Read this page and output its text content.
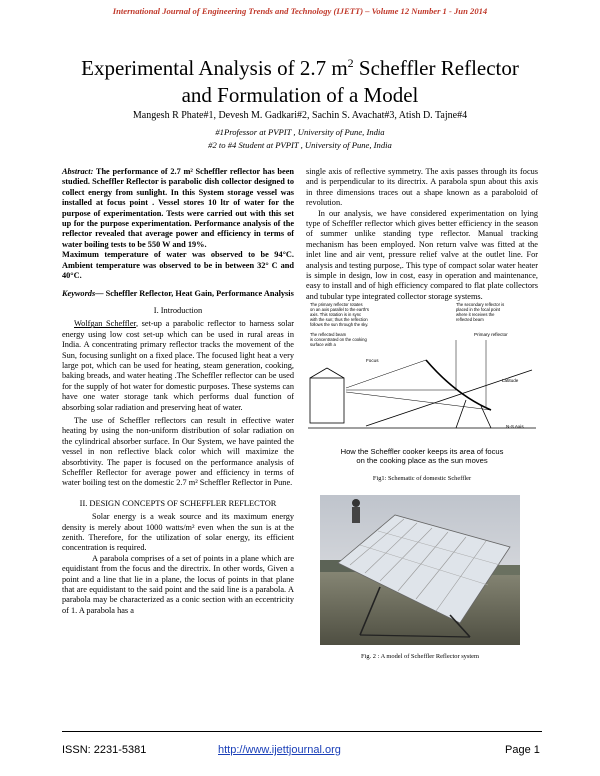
International Journal of Engineering Trends and Technology (IJETT) – Volume 12 Number 1 - Jun 2014
Experimental Analysis of 2.7 $m^2$ Scheffler Reflector
and Formulation of a Model
Mangesh R Phate#1, Devesh M. Gadkari#2, Sachin S. Avachat#3, Atish D. Tajne#4
#1Professor at PVPIT , University of Pune, India
#2 to #4 Student at PVPIT , University of Pune, India

Abstract: The performance of 2.7 m² Scheffler reflector has been studied. Scheffler Reflector is parabolic dish collector designed to collect energy from sunlight. In this System storage vessel was installed at focus point . Vessel stores 10 ltr of water for the purpose of experimentation. Tests were carried out with this set up for the purpose experimentation. Performance analysis of the reflector revealed that average power and efficiency in terms of water boiling tests to be 550 W and 19%.

Maximum temperature of water was observed to be 94°C. Ambient temperature was observed to be in between 32° C and 40°C.

Keywords— Scheffler Reflector, Heat Gain, Performance Analysis

I. Introduction

Wolfgan Scheffler, set-up a parabolic reflector to harness solar energy using low cost set-up which can be used in rural areas in India. A concentrating primary reflector tracks the movement of the Sun, focusing sunlight on a fixed place. The focused light heat a very large pot, which can be used for heating, steam generation, cooking, baking breads, and water heating .The Scheffler reflector can be used for the supply of hot water for domestic purposes. These systems can have one water storage tank which performs dual function of absorbing solar radiation and preserving heat of water.

The use of Scheffler reflectors can result in effective water heating by using the non-uniform distribution of solar radiation on the cylindrical absorber surface. In Our System, we have painted the vessel in non reflective black color which will maximize the absorbtivity. The paper is focused on the performance analysis of Scheffler Reflector for average power and efficiency in terms of water boiling test on the domestic 2.7 m² Scheffler Reflector in Pune.

II. DESIGN CONCEPTS OF SCHEFFLER REFLECTOR

Solar energy is a weak source and its maximum energy density is merely about 1000 watts/m² even when the sun is at the zenith. Therefore, for the utilization of solar energy, its efficient concentration is required.

A parabola comprises of a set of points in a plane which are equidistant from the focus and the directrix. In other words, Given a point and a line that lie in a plane, the locus of points in that plane that are equidistant to the said point and the said line is a parabola. A parabola may be characterized as a conic section with an eccentricity of 1. A parabola has a

single axis of reflective symmetry. The axis passes through its focus and is perpendicular to its directrix. A parabola spun about this axis in three dimensions traces out a shape known as a paraboloid of revolution.

In our analysis, we have considered experimentation on lying type of Scheffler reflector which gives better efficiency in the season of summer unlike standing type reflector. Manual tracking mechanism has been employed. Non return valve was fitted at the inlet line and air vent, pressure relief valve at the outlet line. For analysis and testing purpose,. This type of compact solar water heater is simple in design, low in cost, easy in operation and maintenance, easy to install and of high efficiency compared to flat plate collectors and tubular type integrated collector storage systems.

The primary reflector rotates on an axis parallel to the earth's axis. This rotation is in sync with the sun; thus the reflection follows the sun through the sky.
The reflected beam is concentrated on the cooking surface with a
The secondary reflector is placed in the focal point where it receives the reflected beam
Primary reflector
Focus
Latitude
N-S Axis
How the Scheffler cooker keeps its area of focus
on the cooking place as the sun moves
Fig1: Schematic of domestic Scheffler
Fig. 2 : A model of Scheffler Reflector system
ISSN: 2231-5381	http://www.ijettjournal.org	Page 1
